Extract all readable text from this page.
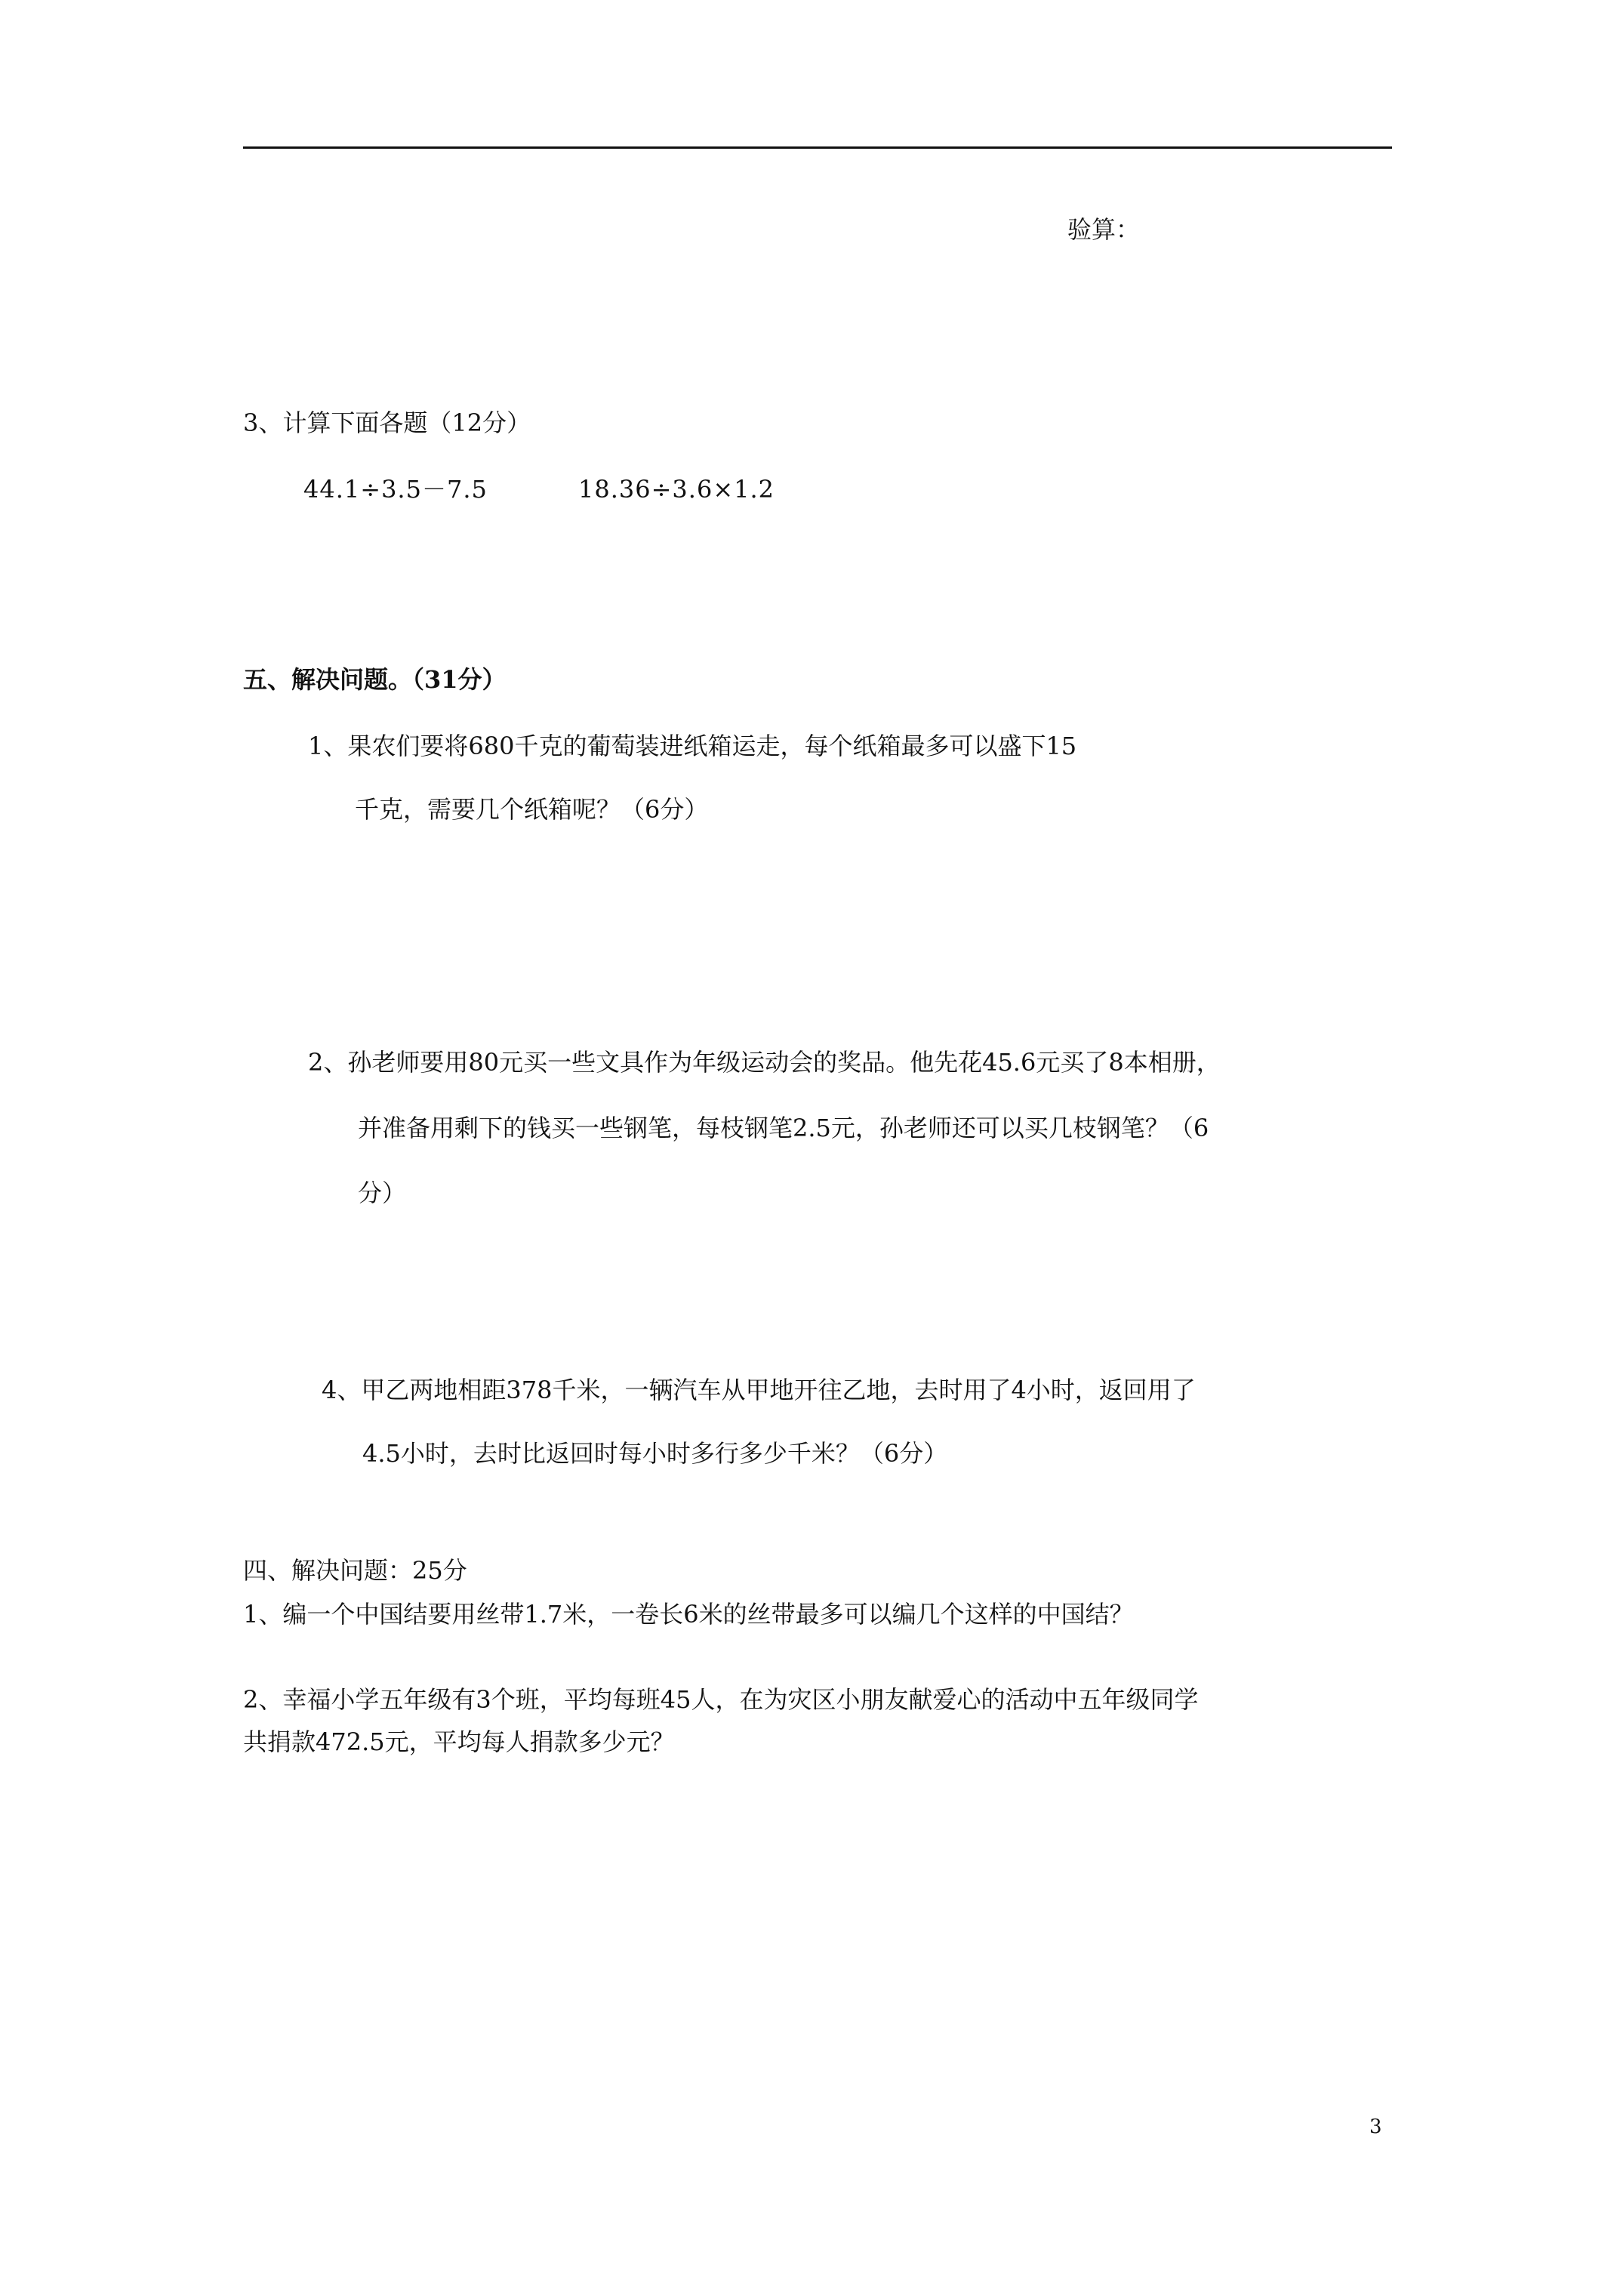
验算：
3、计算下面各题（12分）
44.1÷3.5－7.5	18.36÷3.6×1.2
五、解决问题。（31分）
1、果农们要将680千克的葡萄装进纸箱运走，每个纸箱最多可以盛下15
千克，需要几个纸箱呢？（6分）
2、孙老师要用80元买一些文具作为年级运动会的奖品。他先花45.6元买了8本相册，
并准备用剩下的钱买一些钢笔，每枝钢笔2.5元，孙老师还可以买几枝钢笔？（6
分）
4、甲乙两地相距378千米，一辆汽车从甲地开往乙地，去时用了4小时，返回用了
4.5小时，去时比返回时每小时多行多少千米？（6分）
四、解决问题：25分
1、编一个中国结要用丝带1.7米，一卷长6米的丝带最多可以编几个这样的中国结？
2、幸福小学五年级有3个班，平均每班45人，在为灾区小朋友献爱心的活动中五年级同学
共捐款472.5元，平均每人捐款多少元？
3
